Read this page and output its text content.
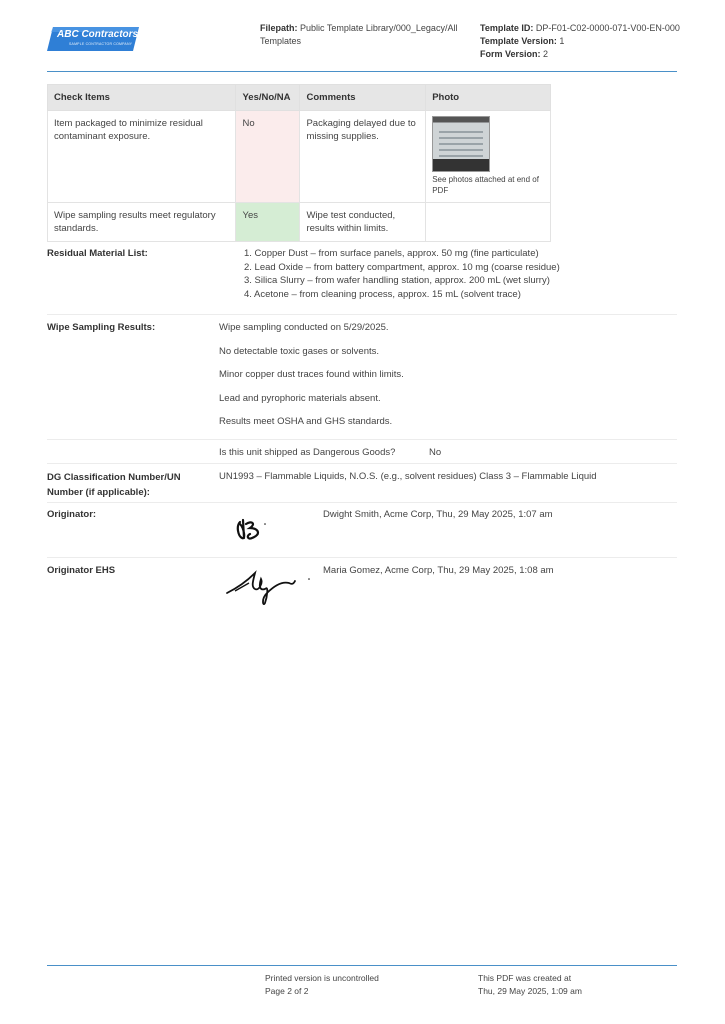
ABC Contractors
SAMPLE CONTRACTOR COMPANY
Filepath: Public Template Library/000_Legacy/All
Templates
Template ID: DP-F01-C02-0000-071-V00-EN-000
Template Version: 1
Form Version: 2
Check Items	Yes/No/NA	Comments	Photo
Item packaged to minimize residual contaminant exposure.	No	Packaging delayed due to missing supplies.	See photos attached at end of PDF

Wipe sampling results meet regulatory standards.	Yes	Wipe test conducted, results within limits.	
Residual Material List:	1. Copper Dust – from surface panels, approx. 50 mg (fine particulate)
2. Lead Oxide – from battery compartment, approx. 10 mg (coarse residue)
3. Silica Slurry – from wafer handling station, approx. 200 mL (wet slurry)
4. Acetone – from cleaning process, approx. 15 mL (solvent trace)
Wipe Sampling Results:	Wipe sampling conducted on 5/29/2025.
No detectable toxic gases or solvents.
Minor copper dust traces found within limits.
Lead and pyrophoric materials absent.
Results meet OSHA and GHS standards.
Is this unit shipped as Dangerous Goods?	No
DG Classification Number/UN
Number (if applicable):
UN1993 – Flammable Liquids, N.O.S. (e.g., solvent residues) Class 3 – Flammable Liquid
Originator:	Dwight Smith, Acme Corp, Thu, 29 May 2025, 1:07 am
Originator EHS	Maria Gomez, Acme Corp, Thu, 29 May 2025, 1:08 am
Printed version is uncontrolled
Page 2 of 2
This PDF was created at
Thu, 29 May 2025, 1:09 am
